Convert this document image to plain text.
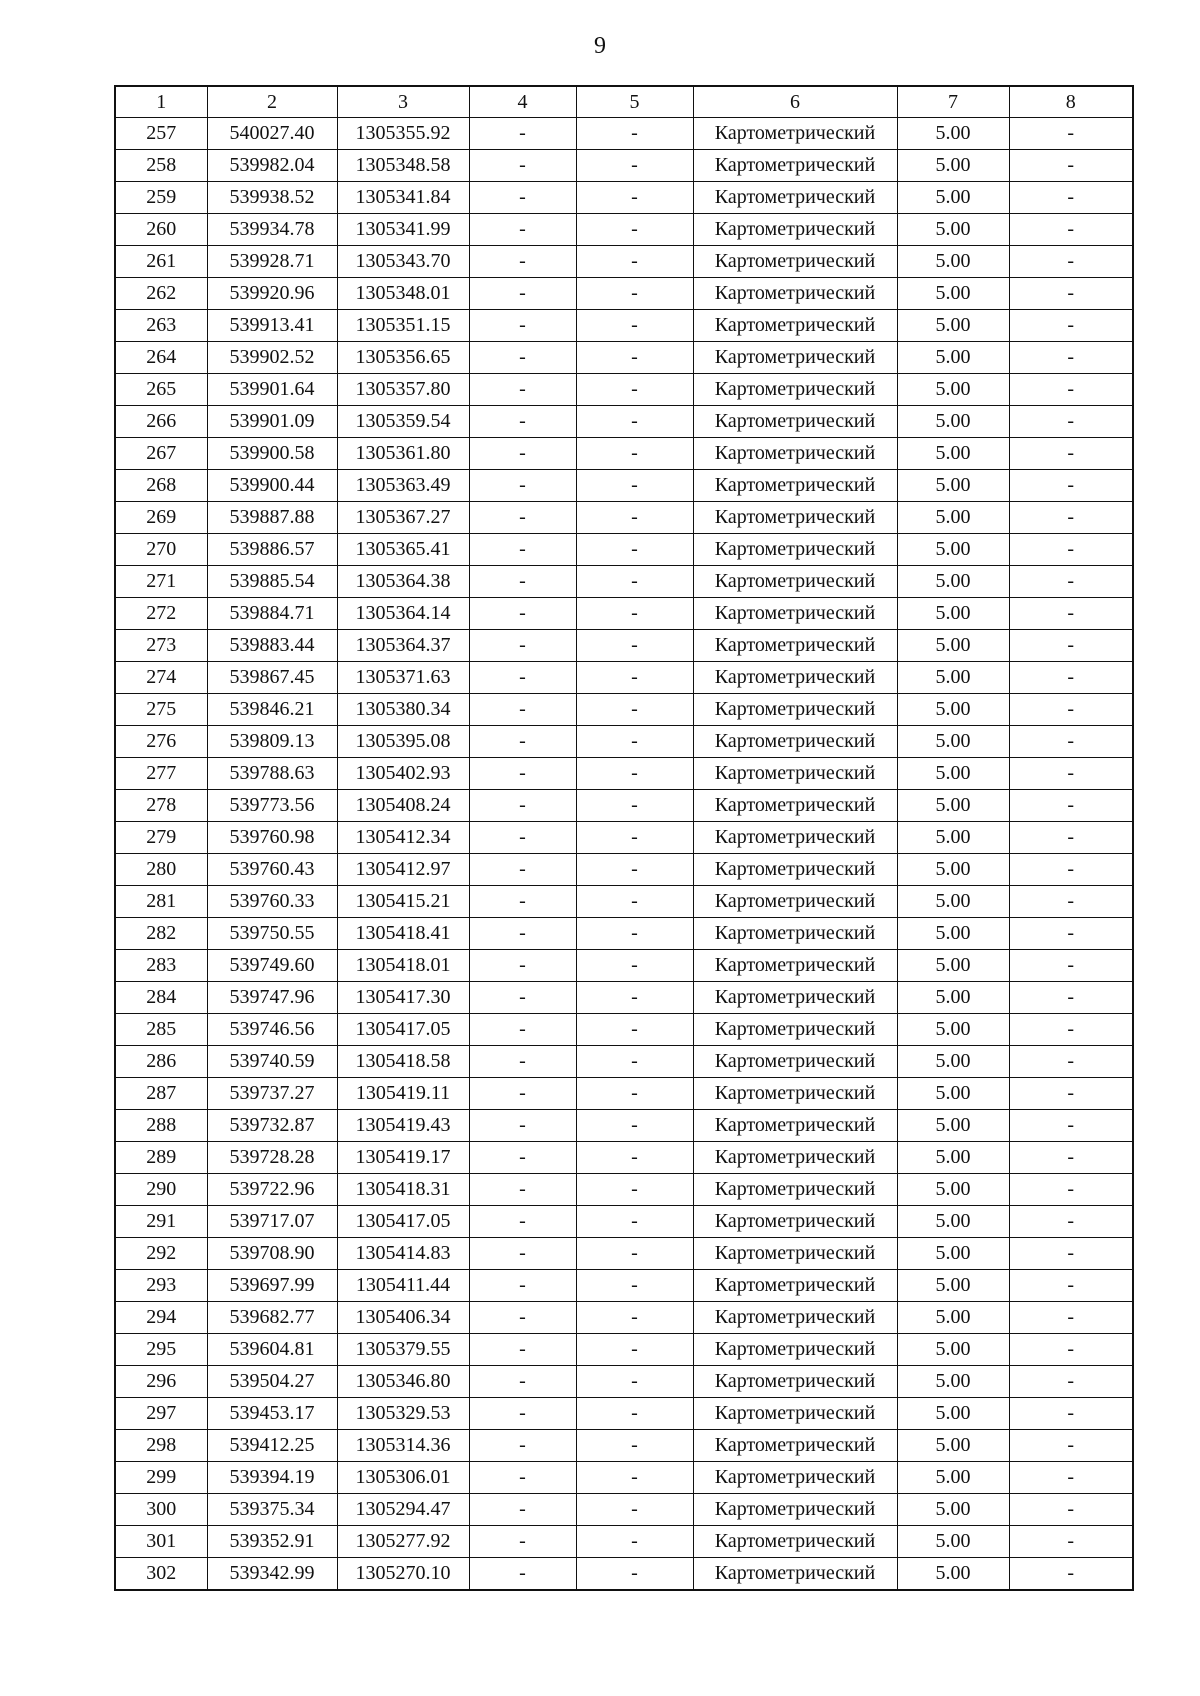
9
1	2	3	4	5	6	7	8
257	540027.40	1305355.92	-	-	Картометрический	5.00	-
258	539982.04	1305348.58	-	-	Картометрический	5.00	-
259	539938.52	1305341.84	-	-	Картометрический	5.00	-
260	539934.78	1305341.99	-	-	Картометрический	5.00	-
261	539928.71	1305343.70	-	-	Картометрический	5.00	-
262	539920.96	1305348.01	-	-	Картометрический	5.00	-
263	539913.41	1305351.15	-	-	Картометрический	5.00	-
264	539902.52	1305356.65	-	-	Картометрический	5.00	-
265	539901.64	1305357.80	-	-	Картометрический	5.00	-
266	539901.09	1305359.54	-	-	Картометрический	5.00	-
267	539900.58	1305361.80	-	-	Картометрический	5.00	-
268	539900.44	1305363.49	-	-	Картометрический	5.00	-
269	539887.88	1305367.27	-	-	Картометрический	5.00	-
270	539886.57	1305365.41	-	-	Картометрический	5.00	-
271	539885.54	1305364.38	-	-	Картометрический	5.00	-
272	539884.71	1305364.14	-	-	Картометрический	5.00	-
273	539883.44	1305364.37	-	-	Картометрический	5.00	-
274	539867.45	1305371.63	-	-	Картометрический	5.00	-
275	539846.21	1305380.34	-	-	Картометрический	5.00	-
276	539809.13	1305395.08	-	-	Картометрический	5.00	-
277	539788.63	1305402.93	-	-	Картометрический	5.00	-
278	539773.56	1305408.24	-	-	Картометрический	5.00	-
279	539760.98	1305412.34	-	-	Картометрический	5.00	-
280	539760.43	1305412.97	-	-	Картометрический	5.00	-
281	539760.33	1305415.21	-	-	Картометрический	5.00	-
282	539750.55	1305418.41	-	-	Картометрический	5.00	-
283	539749.60	1305418.01	-	-	Картометрический	5.00	-
284	539747.96	1305417.30	-	-	Картометрический	5.00	-
285	539746.56	1305417.05	-	-	Картометрический	5.00	-
286	539740.59	1305418.58	-	-	Картометрический	5.00	-
287	539737.27	1305419.11	-	-	Картометрический	5.00	-
288	539732.87	1305419.43	-	-	Картометрический	5.00	-
289	539728.28	1305419.17	-	-	Картометрический	5.00	-
290	539722.96	1305418.31	-	-	Картометрический	5.00	-
291	539717.07	1305417.05	-	-	Картометрический	5.00	-
292	539708.90	1305414.83	-	-	Картометрический	5.00	-
293	539697.99	1305411.44	-	-	Картометрический	5.00	-
294	539682.77	1305406.34	-	-	Картометрический	5.00	-
295	539604.81	1305379.55	-	-	Картометрический	5.00	-
296	539504.27	1305346.80	-	-	Картометрический	5.00	-
297	539453.17	1305329.53	-	-	Картометрический	5.00	-
298	539412.25	1305314.36	-	-	Картометрический	5.00	-
299	539394.19	1305306.01	-	-	Картометрический	5.00	-
300	539375.34	1305294.47	-	-	Картометрический	5.00	-
301	539352.91	1305277.92	-	-	Картометрический	5.00	-
302	539342.99	1305270.10	-	-	Картометрический	5.00	-
